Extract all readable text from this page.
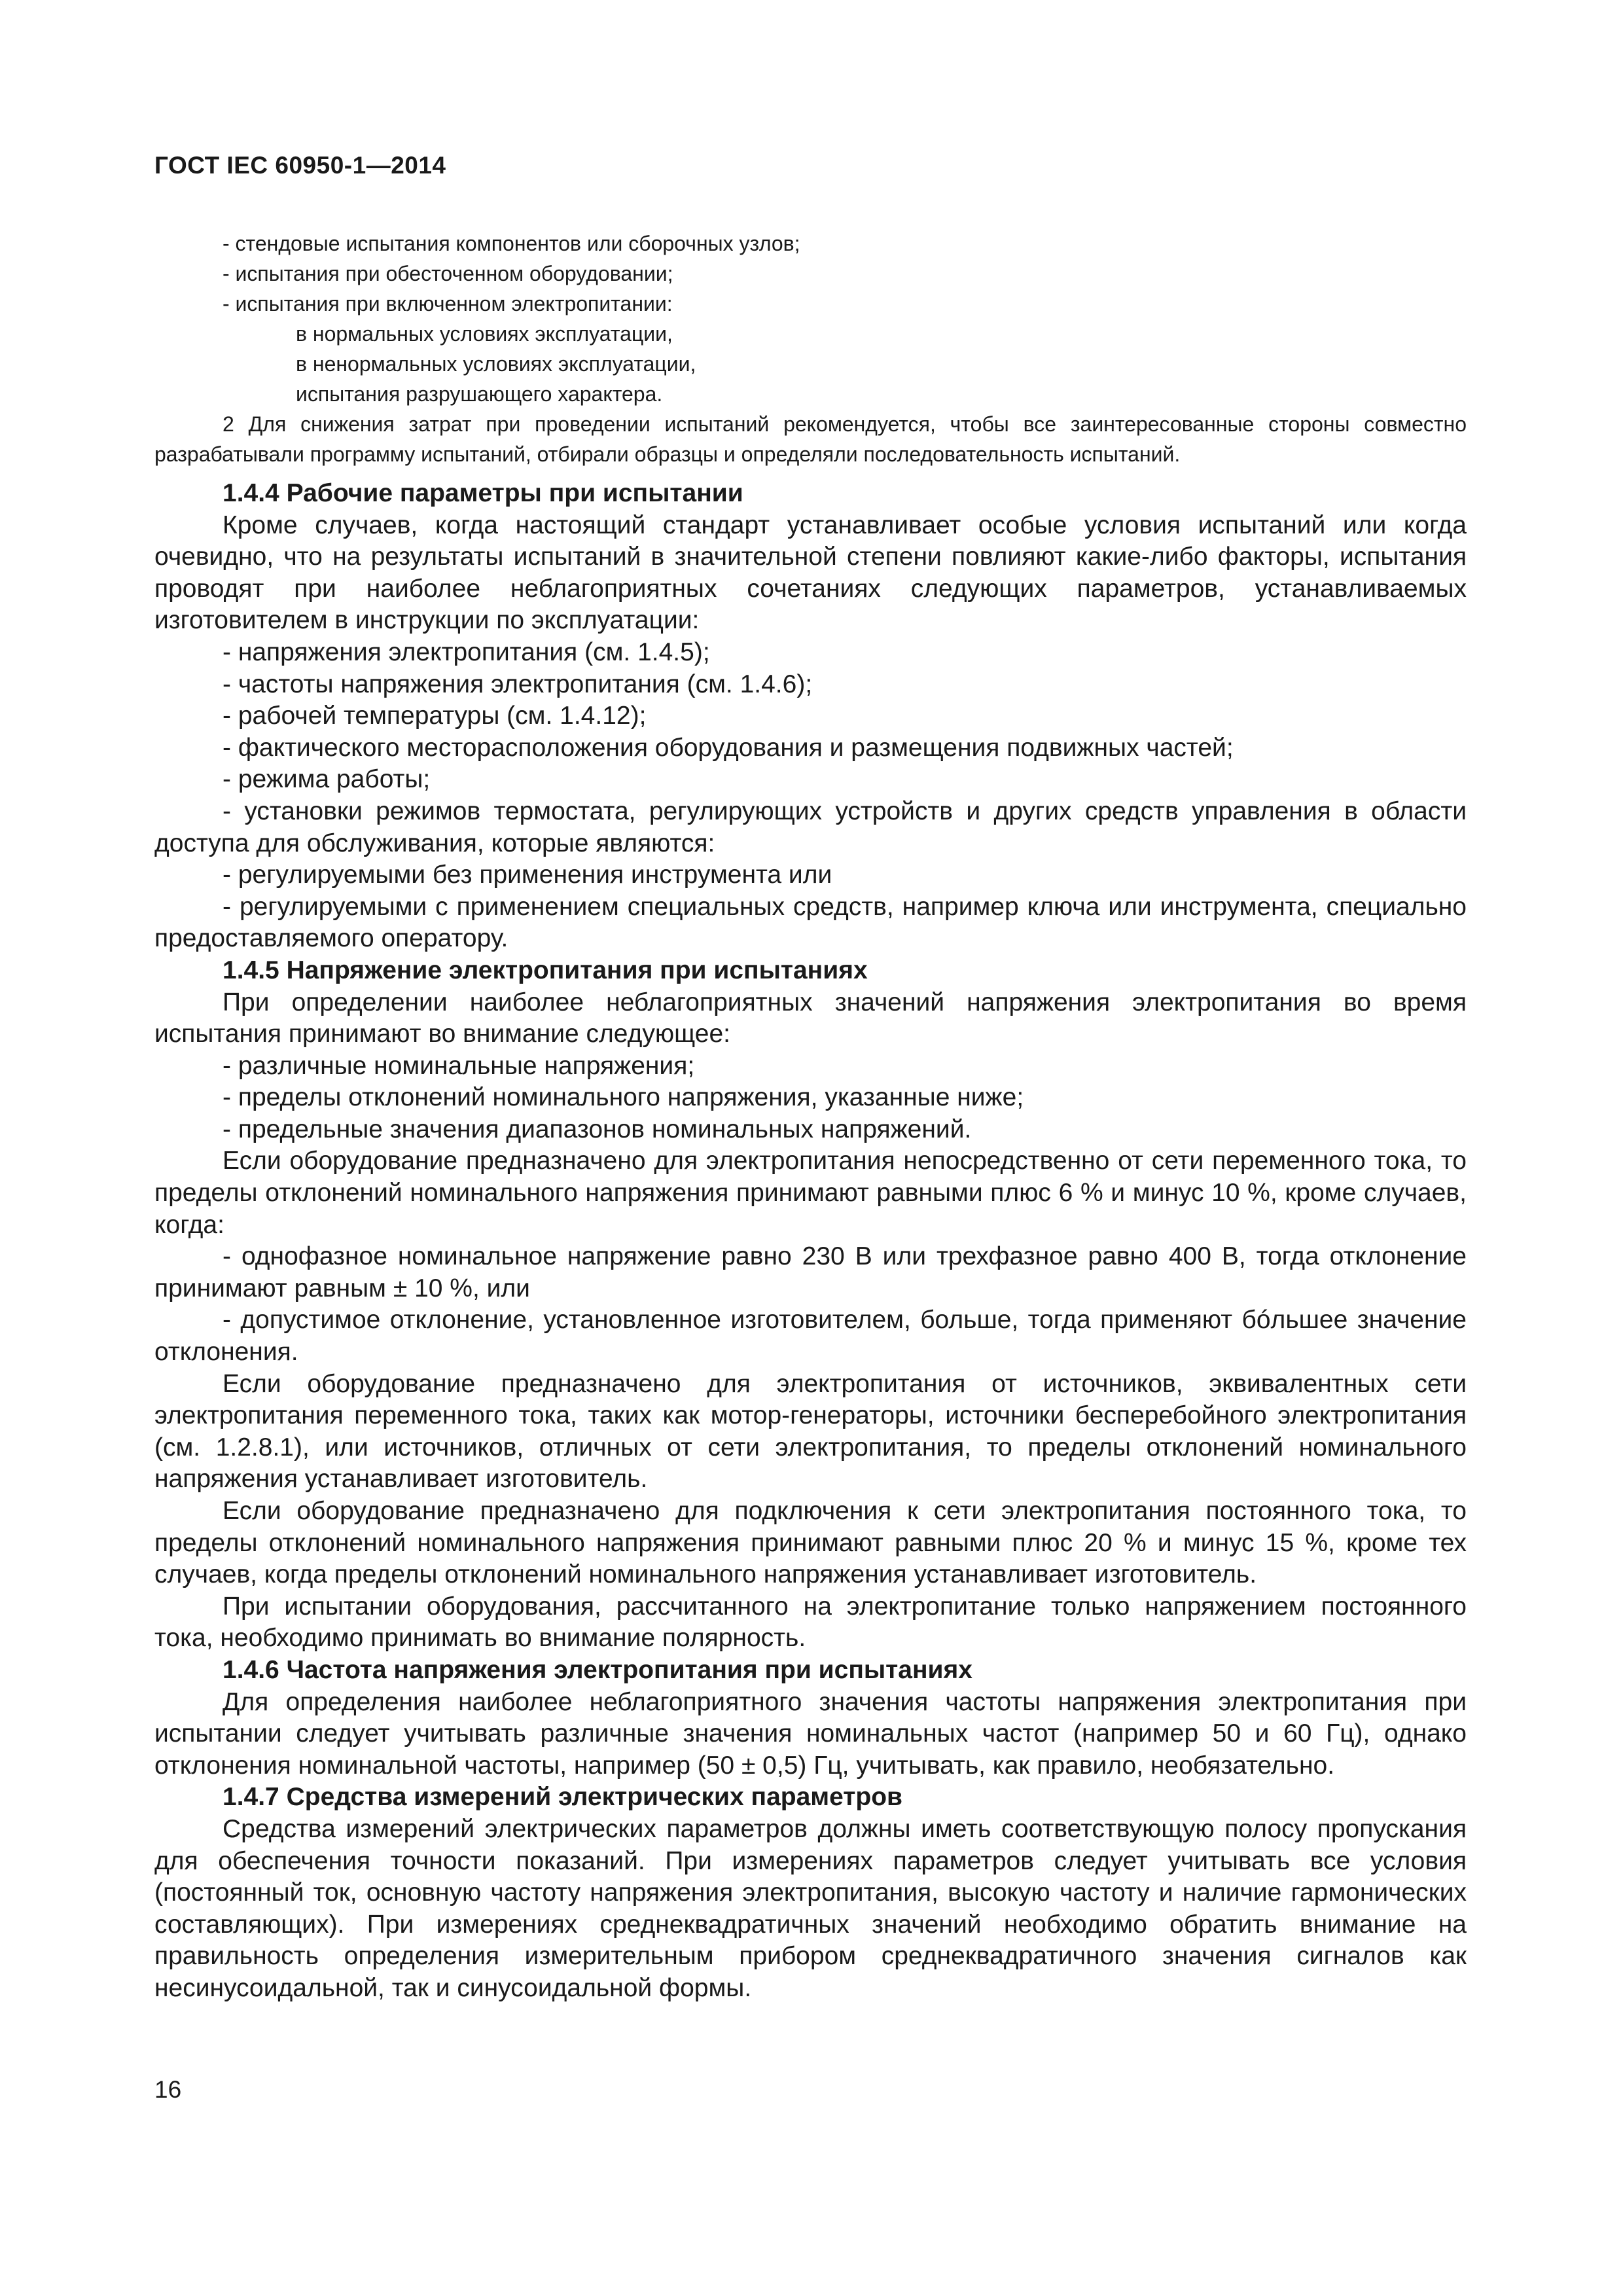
ГОСТ IEC 60950-1—2014
- стендовые испытания компонентов или сборочных узлов;
- испытания при обесточенном оборудовании;
- испытания при включенном электропитании:
в нормальных условиях эксплуатации,
в ненормальных условиях эксплуатации,
испытания разрушающего характера.
2 Для снижения затрат при проведении испытаний рекомендуется, чтобы все заинтересованные стороны совместно разрабатывали программу испытаний, отбирали образцы и определяли последовательность испытаний.
1.4.4 Рабочие параметры при испытании
Кроме случаев, когда настоящий стандарт устанавливает особые условия испытаний или когда очевидно, что на результаты испытаний в значительной степени повлияют какие-либо факторы, испытания проводят при наиболее неблагоприятных сочетаниях следующих параметров, устанавливаемых изготовителем в инструкции по эксплуатации:
- напряжения электропитания (см. 1.4.5);
- частоты напряжения электропитания (см. 1.4.6);
- рабочей температуры (см. 1.4.12);
- фактического месторасположения оборудования и размещения подвижных частей;
- режима работы;
- установки режимов термостата, регулирующих устройств и других средств управления в области доступа для обслуживания, которые являются:
- регулируемыми без применения инструмента или
- регулируемыми с применением специальных средств, например ключа или инструмента, специально предоставляемого оператору.
1.4.5 Напряжение электропитания при испытаниях
При определении наиболее неблагоприятных значений напряжения электропитания во время испытания принимают во внимание следующее:
- различные номинальные напряжения;
- пределы отклонений номинального напряжения, указанные ниже;
- предельные значения диапазонов номинальных напряжений.
Если оборудование предназначено для электропитания непосредственно от сети переменного тока, то пределы отклонений номинального напряжения принимают равными плюс 6 % и минус 10 %, кроме случаев, когда:
- однофазное номинальное напряжение равно 230 В или трехфазное равно 400 В, тогда отклонение принимают равным ± 10 %, или
- допустимое отклонение, установленное изготовителем, больше, тогда применяют бóльшее значение отклонения.
Если оборудование предназначено для электропитания от источников, эквивалентных сети электропитания переменного тока, таких как мотор-генераторы, источники бесперебойного электропитания (см. 1.2.8.1), или источников, отличных от сети электропитания, то пределы отклонений номинального напряжения устанавливает изготовитель.
Если оборудование предназначено для подключения к сети электропитания постоянного тока, то пределы отклонений номинального напряжения принимают равными плюс 20 % и минус 15 %, кроме тех случаев, когда пределы отклонений номинального напряжения устанавливает изготовитель.
При испытании оборудования, рассчитанного на электропитание только напряжением постоянного тока, необходимо принимать во внимание полярность.
1.4.6 Частота напряжения электропитания при испытаниях
Для определения наиболее неблагоприятного значения частоты напряжения электропитания при испытании следует учитывать различные значения номинальных частот (например 50 и 60 Гц), однако отклонения номинальной частоты, например (50 ± 0,5) Гц, учитывать, как правило, необязательно.
1.4.7 Средства измерений электрических параметров
Средства измерений электрических параметров должны иметь соответствующую полосу пропускания для обеспечения точности показаний. При измерениях параметров следует учитывать все условия (постоянный ток, основную частоту напряжения электропитания, высокую частоту и наличие гармонических составляющих). При измерениях среднеквадратичных значений необходимо обратить внимание на правильность определения измерительным прибором среднеквадратичного значения сигналов как несинусоидальной, так и синусоидальной формы.
16
